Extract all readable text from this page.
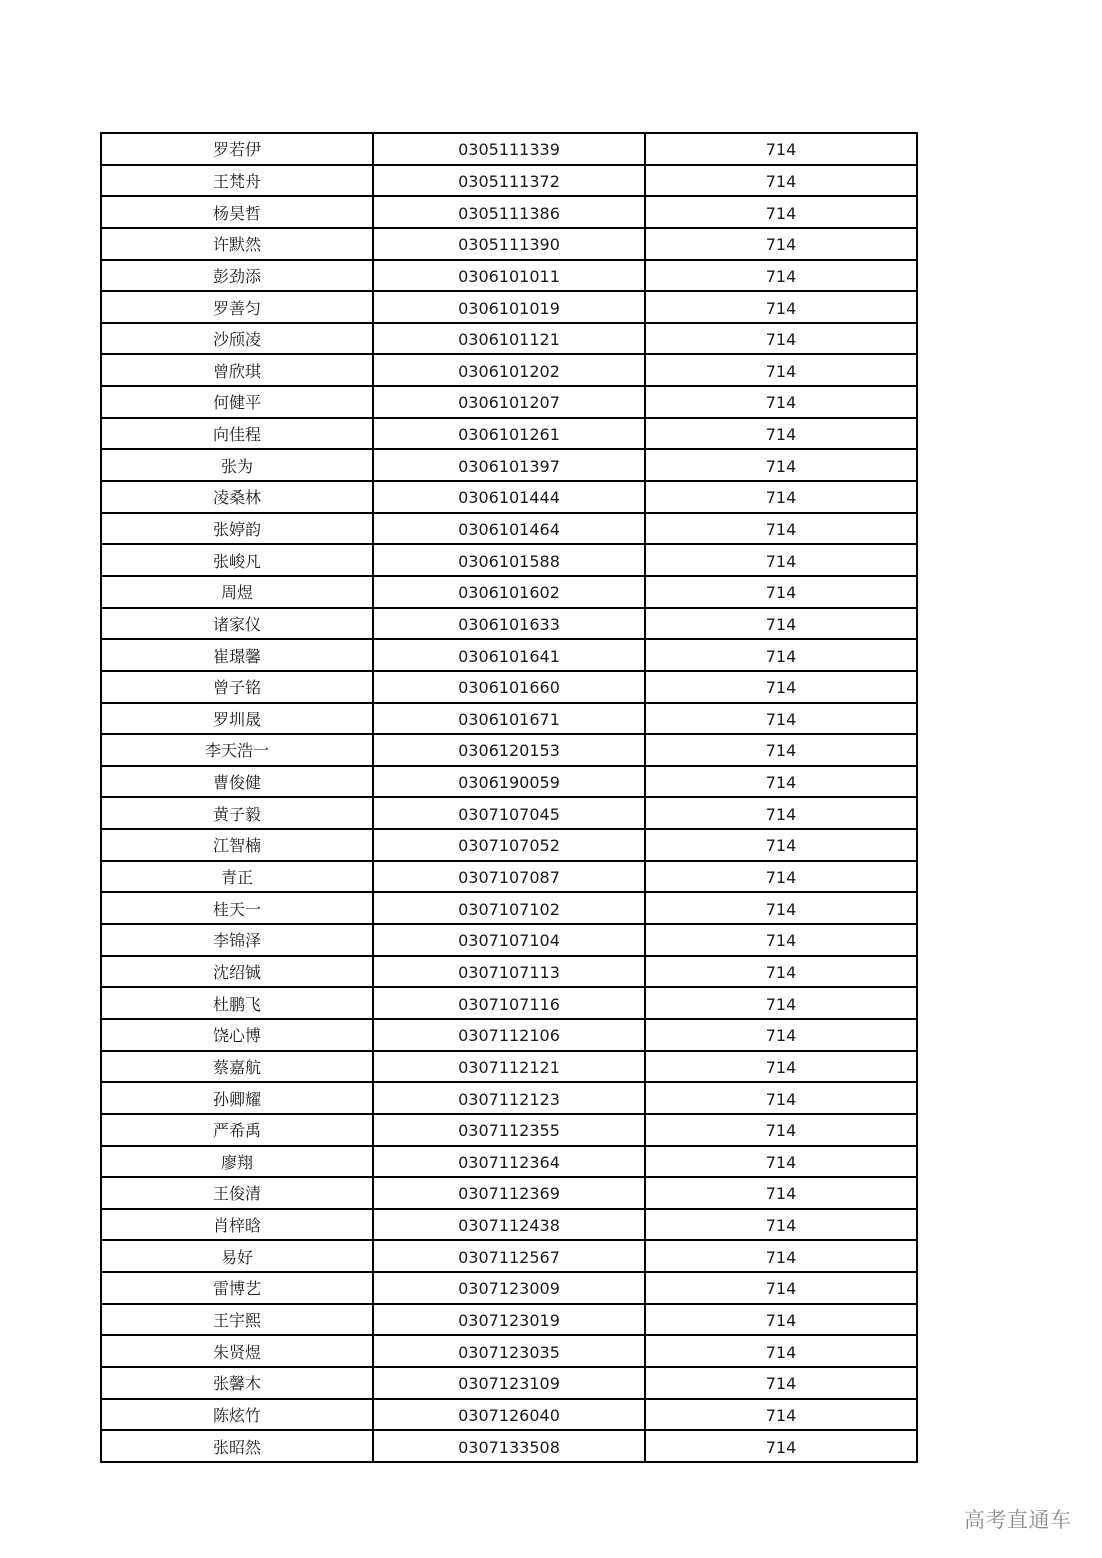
罗若伊	0305111339	714
王梵舟	0305111372	714
杨昊哲	0305111386	714
许默然	0305111390	714
彭劲添	0306101011	714
罗善匀	0306101019	714
沙颀凌	0306101121	714
曾欣琪	0306101202	714
何健平	0306101207	714
向佳程	0306101261	714
张为	0306101397	714
凌桑林	0306101444	714
张婷韵	0306101464	714
张峻凡	0306101588	714
周煜	0306101602	714
诸家仪	0306101633	714
崔璟馨	0306101641	714
曾子铭	0306101660	714
罗圳晟	0306101671	714
李天浩一	0306120153	714
曹俊健	0306190059	714
黄子毅	0307107045	714
江智楠	0307107052	714
青正	0307107087	714
桂天一	0307107102	714
李锦泽	0307107104	714
沈绍铖	0307107113	714
杜鹏飞	0307107116	714
饶心博	0307112106	714
蔡嘉航	0307112121	714
孙卿耀	0307112123	714
严希禹	0307112355	714
廖翔	0307112364	714
王俊清	0307112369	714
肖梓晗	0307112438	714
易好	0307112567	714
雷博艺	0307123009	714
王宇熙	0307123019	714
朱贤煜	0307123035	714
张馨木	0307123109	714
陈炫竹	0307126040	714
张昭然	0307133508	714
高考直通车
